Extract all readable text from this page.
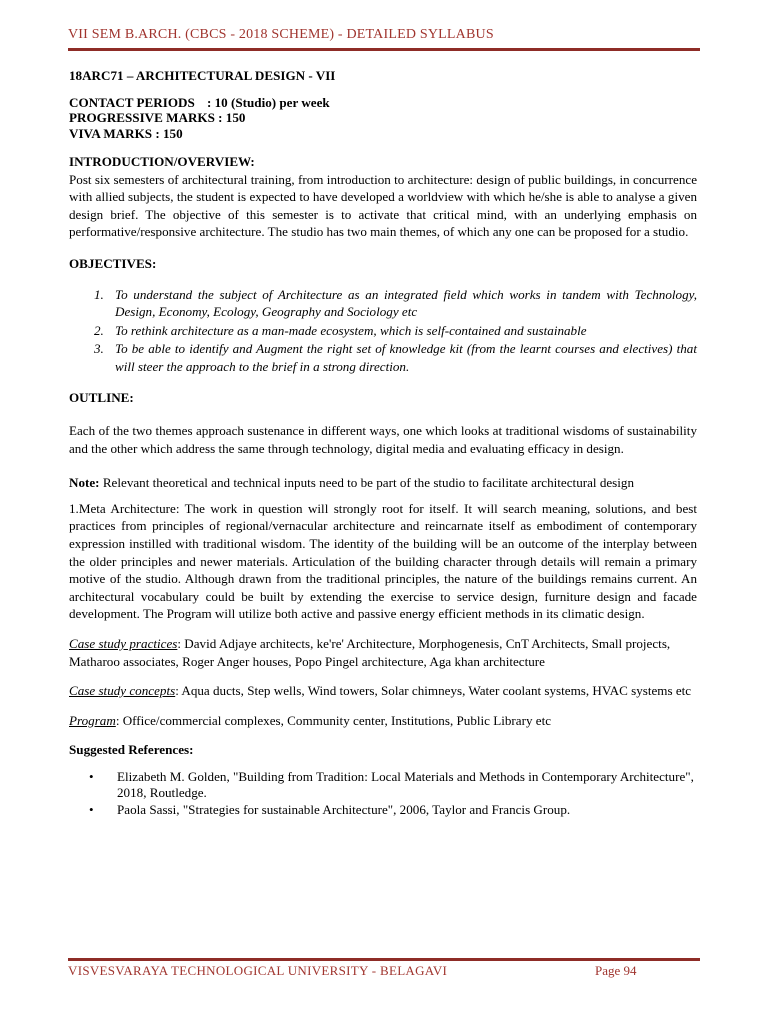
VII SEM B.ARCH. (CBCS - 2018 SCHEME) - DETAILED SYLLABUS
18ARC71 – ARCHITECTURAL DESIGN - VII
CONTACT PERIODS : 10 (Studio) per week
PROGRESSIVE MARKS : 150
VIVA MARKS : 150
INTRODUCTION/OVERVIEW:

Post six semesters of architectural training, from introduction to architecture: design of public buildings, in concurrence with allied subjects, the student is expected to have developed a worldview with which he/she is able to analyse a given design brief. The objective of this semester is to activate that critical mind, with an underlying emphasis on performative/responsive architecture. The studio has two main themes, of which any one can be proposed for a studio.

OBJECTIVES:
1. To understand the subject of Architecture as an integrated field which works in tandem with Technology, Design, Economy, Ecology, Geography and Sociology etc
2. To rethink architecture as a man-made ecosystem, which is self-contained and sustainable
3. To be able to identify and Augment the right set of knowledge kit (from the learnt courses and electives) that will steer the approach to the brief in a strong direction.
OUTLINE:

Each of the two themes approach sustenance in different ways, one which looks at traditional wisdoms of sustainability and the other which address the same through technology, digital media and evaluating efficacy in design.

Note: Relevant theoretical and technical inputs need to be part of the studio to facilitate architectural design

1.Meta Architecture: The work in question will strongly root for itself. It will search meaning, solutions, and best practices from principles of regional/vernacular architecture and reincarnate itself as embodiment of contemporary expression instilled with traditional wisdom. The identity of the building will be an outcome of the interplay between the older principles and newer materials. Articulation of the building character through details will remain a primary motive of the studio. Although drawn from the traditional principles, the nature of the buildings remains current. An architectural vocabulary could be built by extending the exercise to service design, furniture design and facade development. The Program will utilize both active and passive energy efficient methods in its climatic design.

Case study practices: David Adjaye architects, ke're' Architecture, Morphogenesis, CnT Architects, Small projects, Matharoo associates, Roger Anger houses, Popo Pingel architecture, Aga khan architecture

Case study concepts: Aqua ducts, Step wells, Wind towers, Solar chimneys, Water coolant systems, HVAC systems etc

Program: Office/commercial complexes, Community center, Institutions, Public Library etc

Suggested References:
•	Elizabeth M. Golden, "Building from Tradition: Local Materials and Methods in Contemporary Architecture", 2018, Routledge.
•	Paola Sassi, "Strategies for sustainable Architecture", 2006, Taylor and Francis Group.
VISVESVARAYA TECHNOLOGICAL UNIVERSITY - BELAGAVI	Page 94
